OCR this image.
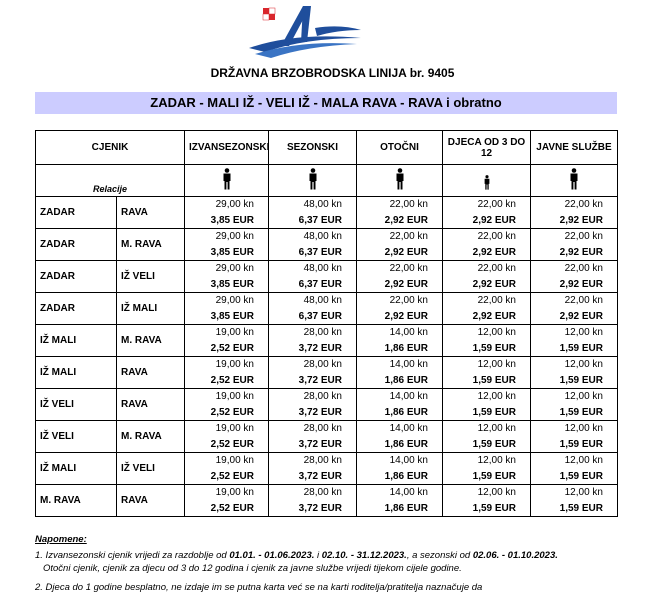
DRŽAVNA BRZOBRODSKA LINIJA br. 9405
ZADAR - MALI IŽ - VELI IŽ - MALA RAVA - RAVA i obratno
CJENIK		IZVANSEZONSKI	SEZONSKI	OTOČNI	DJECA OD 3 DO 12	JAVNE SLUŽBE
Relacije					
ZADAR	RAVA	29,00 kn	48,00 kn	22,00 kn	22,00 kn	22,00 kn
		3,85 EUR	6,37 EUR	2,92 EUR	2,92 EUR	2,92 EUR
ZADAR	M. RAVA	29,00 kn	48,00 kn	22,00 kn	22,00 kn	22,00 kn
		3,85 EUR	6,37 EUR	2,92 EUR	2,92 EUR	2,92 EUR
ZADAR	IŽ VELI	29,00 kn	48,00 kn	22,00 kn	22,00 kn	22,00 kn
		3,85 EUR	6,37 EUR	2,92 EUR	2,92 EUR	2,92 EUR
ZADAR	IŽ MALI	29,00 kn	48,00 kn	22,00 kn	22,00 kn	22,00 kn
		3,85 EUR	6,37 EUR	2,92 EUR	2,92 EUR	2,92 EUR
IŽ MALI	M. RAVA	19,00 kn	28,00 kn	14,00 kn	12,00 kn	12,00 kn
		2,52 EUR	3,72 EUR	1,86 EUR	1,59 EUR	1,59 EUR
IŽ MALI	RAVA	19,00 kn	28,00 kn	14,00 kn	12,00 kn	12,00 kn
		2,52 EUR	3,72 EUR	1,86 EUR	1,59 EUR	1,59 EUR
IŽ VELI	RAVA	19,00 kn	28,00 kn	14,00 kn	12,00 kn	12,00 kn
		2,52 EUR	3,72 EUR	1,86 EUR	1,59 EUR	1,59 EUR
IŽ VELI	M. RAVA	19,00 kn	28,00 kn	14,00 kn	12,00 kn	12,00 kn
		2,52 EUR	3,72 EUR	1,86 EUR	1,59 EUR	1,59 EUR
IŽ MALI	IŽ VELI	19,00 kn	28,00 kn	14,00 kn	12,00 kn	12,00 kn
		2,52 EUR	3,72 EUR	1,86 EUR	1,59 EUR	1,59 EUR
M. RAVA	RAVA	19,00 kn	28,00 kn	14,00 kn	12,00 kn	12,00 kn
		2,52 EUR	3,72 EUR	1,86 EUR	1,59 EUR	1,59 EUR
Napomene:

1. Izvansezonski cjenik vrijedi za razdoblje od 01.01. - 01.06.2023. i 02.10. - 31.12.2023., a sezonski od 02.06. - 01.10.2023.

Otočni cjenik, cjenik za djecu od 3 do 12 godina i cjenik za javne službe vrijedi tijekom cijele godine.

2. Djeca do 1 godine besplatno, ne izdaje im se putna karta već se na karti roditelja/pratitelja naznačuje da
